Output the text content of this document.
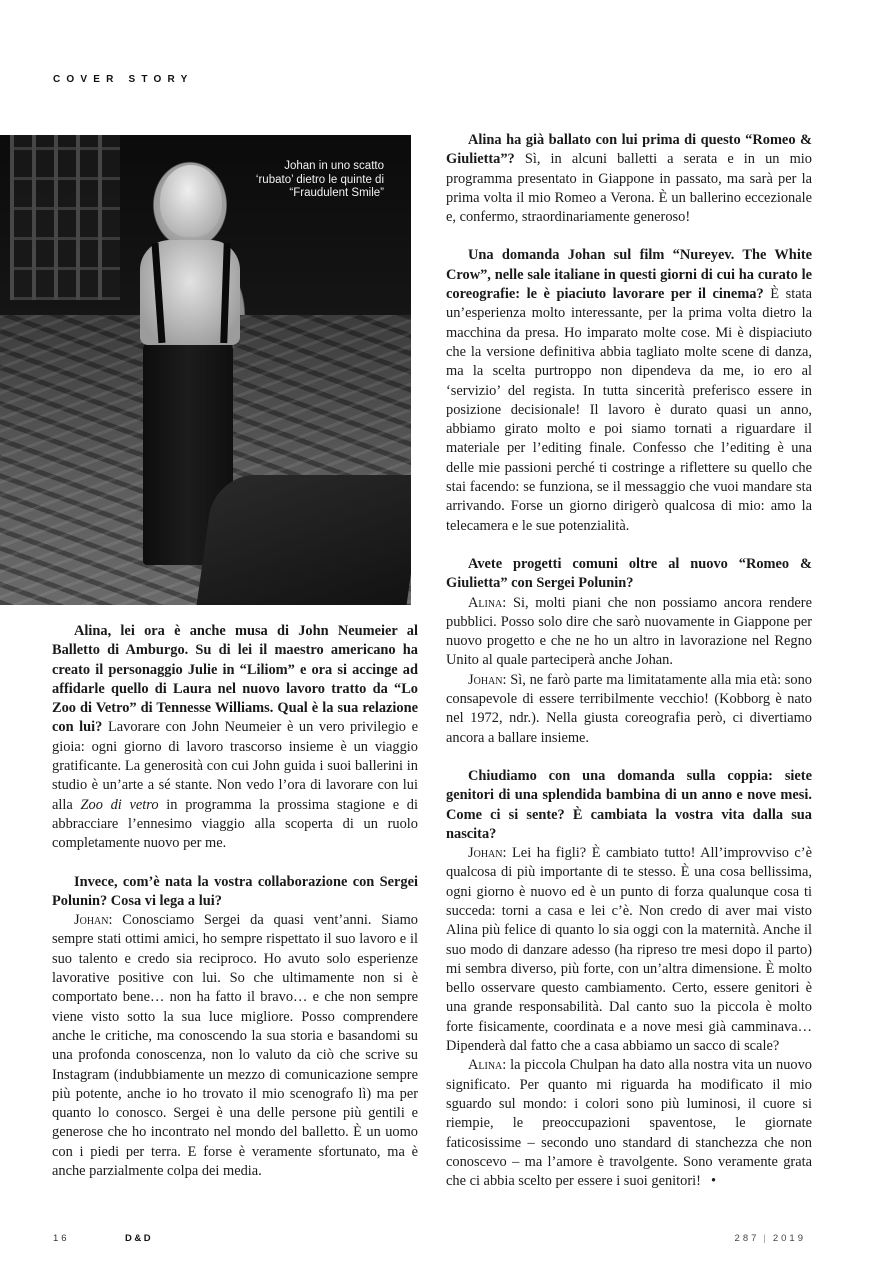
COVER STORY
Johan in uno scatto ‘rubato’ dietro le quinte di “Fraudulent Smile”

Alina, lei ora è anche musa di John Neumeier al Balletto di Amburgo. Su di lei il maestro americano ha creato il personaggio Julie in “Liliom” e ora si accinge ad affidarle quello di Laura nel nuovo lavoro tratto da “Lo Zoo di Vetro” di Tennesse Williams. Qual è la sua relazione con lui? Lavorare con John Neumeier è un vero privilegio e gioia: ogni giorno di lavoro trascorso insieme è un viaggio gratificante. La generosità con cui John guida i suoi ballerini in studio è un’arte a sé stante. Non vedo l’ora di lavorare con lui alla Zoo di vetro in programma la prossima stagione e di abbracciare l’ennesimo viaggio alla scoperta di un ruolo completamente nuovo per me.

Invece, com’è nata la vostra collaborazione con Sergei Polunin? Cosa vi lega a lui?

Johan: Conosciamo Sergei da quasi vent’anni. Siamo sempre stati ottimi amici, ho sempre rispettato il suo lavoro e il suo talento e credo sia reciproco. Ho avuto solo esperienze lavorative positive con lui. So che ultimamente non si è comportato bene… non ha fatto il bravo… e che non sempre viene visto sotto la sua luce migliore. Posso comprendere anche le critiche, ma conoscendo la sua storia e basandomi su una profonda conoscenza, non lo valuto da ciò che scrive su Instagram (indubbiamente un mezzo di comunicazione sempre più potente, anche io ho trovato il mio scenografo lì) ma per quanto lo conosco. Sergei è una delle persone più gentili e generose che ho incontrato nel mondo del balletto. È un uomo con i piedi per terra. E forse è veramente sfortunato, ma è anche parzialmente colpa dei media.

Alina ha già ballato con lui prima di questo “Romeo & Giulietta”? Sì, in alcuni balletti a serata e in un mio programma presentato in Giappone in passato, ma sarà per la prima volta il mio Romeo a Verona. È un ballerino eccezionale e, confermo, straordinariamente generoso!

Una domanda Johan sul film “Nureyev. The White Crow”, nelle sale italiane in questi giorni di cui ha curato le coreografie: le è piaciuto lavorare per il cinema? È stata un’esperienza molto interessante, per la prima volta dietro la macchina da presa. Ho imparato molte cose. Mi è dispiaciuto che la versione definitiva abbia tagliato molte scene di danza, ma la scelta purtroppo non dipendeva da me, io ero al ‘servizio’ del regista. In tutta sincerità preferisco essere in posizione decisionale! Il lavoro è durato quasi un anno, abbiamo girato molto e poi siamo tornati a riguardare il materiale per l’editing finale. Confesso che l’editing è una delle mie passioni perché ti costringe a riflettere su quello che stai facendo: se funziona, se il messaggio che vuoi mandare sta arrivando. Forse un giorno dirigerò qualcosa di mio: amo la telecamera e le sue potenzialità.

Avete progetti comuni oltre al nuovo “Romeo & Giulietta” con Sergei Polunin?

Alina: Si, molti piani che non possiamo ancora rendere pubblici. Posso solo dire che sarò nuovamente in Giappone per nuovo progetto e che ne ho un altro in lavorazione nel Regno Unito al quale parteciperà anche Johan.

Johan: Sì, ne farò parte ma limitatamente alla mia età: sono consapevole di essere terribilmente vecchio! (Kobborg è nato nel 1972, ndr.). Nella giusta coreografia però, ci divertiamo ancora a ballare insieme.

Chiudiamo con una domanda sulla coppia: siete genitori di una splendida bambina di un anno e nove mesi. Come ci si sente? È cambiata la vostra vita dalla sua nascita?

Johan: Lei ha figli? È cambiato tutto! All’improvviso c’è qualcosa di più importante di te stesso. È una cosa bellissima, ogni giorno è nuovo ed è un punto di forza qualunque cosa ti succeda: torni a casa e lei c’è. Non credo di aver mai visto Alina più felice di quanto lo sia oggi con la maternità. Anche il suo modo di danzare adesso (ha ripreso tre mesi dopo il parto) mi sembra diverso, più forte, con un’altra dimensione. È molto bello osservare questo cambiamento. Certo, essere genitori è una grande responsabilità. Dal canto suo la piccola è molto forte fisicamente, coordinata e a nove mesi già camminava… Dipenderà dal fatto che a casa abbiamo un sacco di scale?

Alina: la piccola Chulpan ha dato alla nostra vita un nuovo significato. Per quanto mi riguarda ha modificato il mio sguardo sul mondo: i colori sono più luminosi, il cuore si riempie, le preoccupazioni spaventose, le giornate faticosissime – secondo uno standard di stanchezza che non conoscevo – ma l’amore è travolgente. Sono veramente grata che ci abbia scelto per essere i suoi genitori! •

16	D&D	287 | 2019
